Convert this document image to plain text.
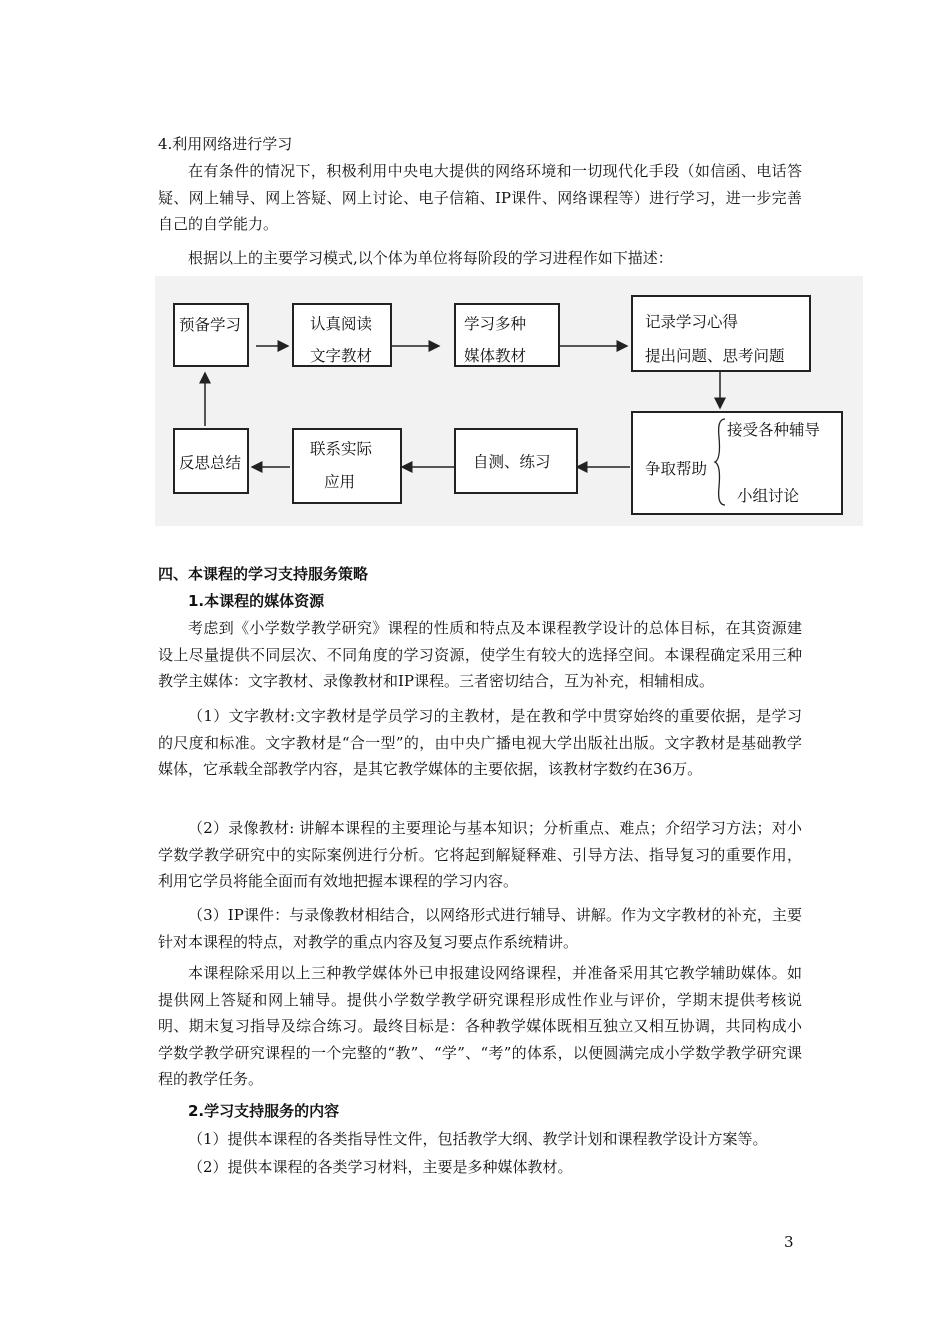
4.利用网络进行学习
在有条件的情况下，积极利用中央电大提供的网络环境和一切现代化手段（如信函、电话答疑、网上辅导、网上答疑、网上讨论、电子信箱、IP课件、网络课程等）进行学习，进一步完善自己的自学能力。
根据以上的主要学习模式,以个体为单位将每阶段的学习进程作如下描述：
预备学习	认真阅读
文字教材
学习多种
媒体教材
记录学习心得
提出问题、思考问题
争取帮助
接受各种辅导
小组讨论
自测、练习
联系实际
应用
反思总结
四、本课程的学习支持服务策略
1.本课程的媒体资源
考虑到《小学数学教学研究》课程的性质和特点及本课程教学设计的总体目标，在其资源建设上尽量提供不同层次、不同角度的学习资源，使学生有较大的选择空间。本课程确定采用三种教学主媒体：文字教材、录像教材和IP课程。三者密切结合，互为补充，相辅相成。
（1）文字教材:文字教材是学员学习的主教材，是在教和学中贯穿始终的重要依据，是学习的尺度和标准。文字教材是“合一型”的，由中央广播电视大学出版社出版。文字教材是基础教学媒体，它承载全部教学内容，是其它教学媒体的主要依据，该教材字数约在36万。
（2）录像教材: 讲解本课程的主要理论与基本知识；分析重点、难点；介绍学习方法；对小学数学教学研究中的实际案例进行分析。它将起到解疑释难、引导方法、指导复习的重要作用，利用它学员将能全面而有效地把握本课程的学习内容。
（3）IP课件：与录像教材相结合，以网络形式进行辅导、讲解。作为文字教材的补充，主要针对本课程的特点，对教学的重点内容及复习要点作系统精讲。
本课程除采用以上三种教学媒体外已申报建设网络课程，并准备采用其它教学辅助媒体。如提供网上答疑和网上辅导。提供小学数学教学研究课程形成性作业与评价，学期末提供考核说明、期末复习指导及综合练习。最终目标是：各种教学媒体既相互独立又相互协调，共同构成小学数学教学研究课程的一个完整的“教”、“学”、“考”的体系，以便圆满完成小学数学教学研究课程的教学任务。
2.学习支持服务的内容
（1）提供本课程的各类指导性文件，包括教学大纲、教学计划和课程教学设计方案等。
（2）提供本课程的各类学习材料，主要是多种媒体教材。
3
